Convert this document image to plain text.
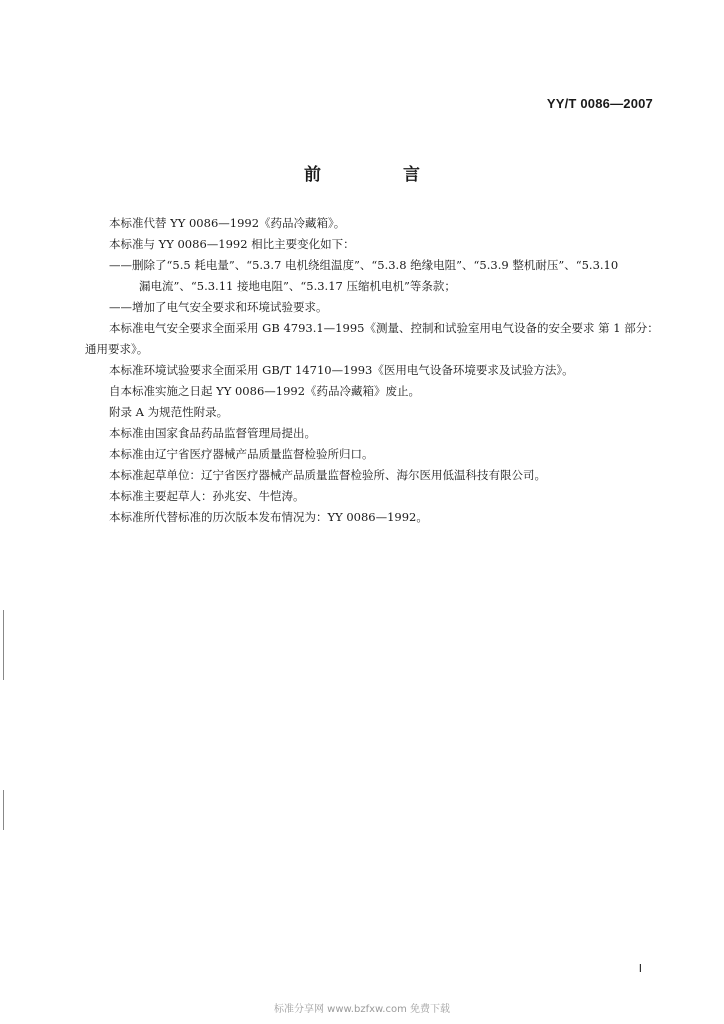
YY/T 0086—2007
前 言

本标准代替 YY 0086—1992《药品冷藏箱》。

本标准与 YY 0086—1992 相比主要变化如下：

——删除了“5.5 耗电量”、“5.3.7 电机绕组温度”、“5.3.8 绝缘电阻”、“5.3.9 整机耐压”、“5.3.10
漏电流”、“5.3.11 接地电阻”、“5.3.17 压缩机电机”等条款；

——增加了电气安全要求和环境试验要求。

本标准电气安全要求全面采用 GB 4793.1—1995《测量、控制和试验室用电气设备的安全要求 第 1 部分：通用要求》。

本标准环境试验要求全面采用 GB/T 14710—1993《医用电气设备环境要求及试验方法》。

自本标准实施之日起 YY 0086—1992《药品冷藏箱》废止。

附录 A 为规范性附录。

本标准由国家食品药品监督管理局提出。

本标准由辽宁省医疗器械产品质量监督检验所归口。

本标准起草单位：辽宁省医疗器械产品质量监督检验所、海尔医用低温科技有限公司。

本标准主要起草人：孙兆安、牛恺涛。

本标准所代替标准的历次版本发布情况为：YY 0086—1992。

Ⅰ
标准分享网 www.bzfxw.com 免费下载
